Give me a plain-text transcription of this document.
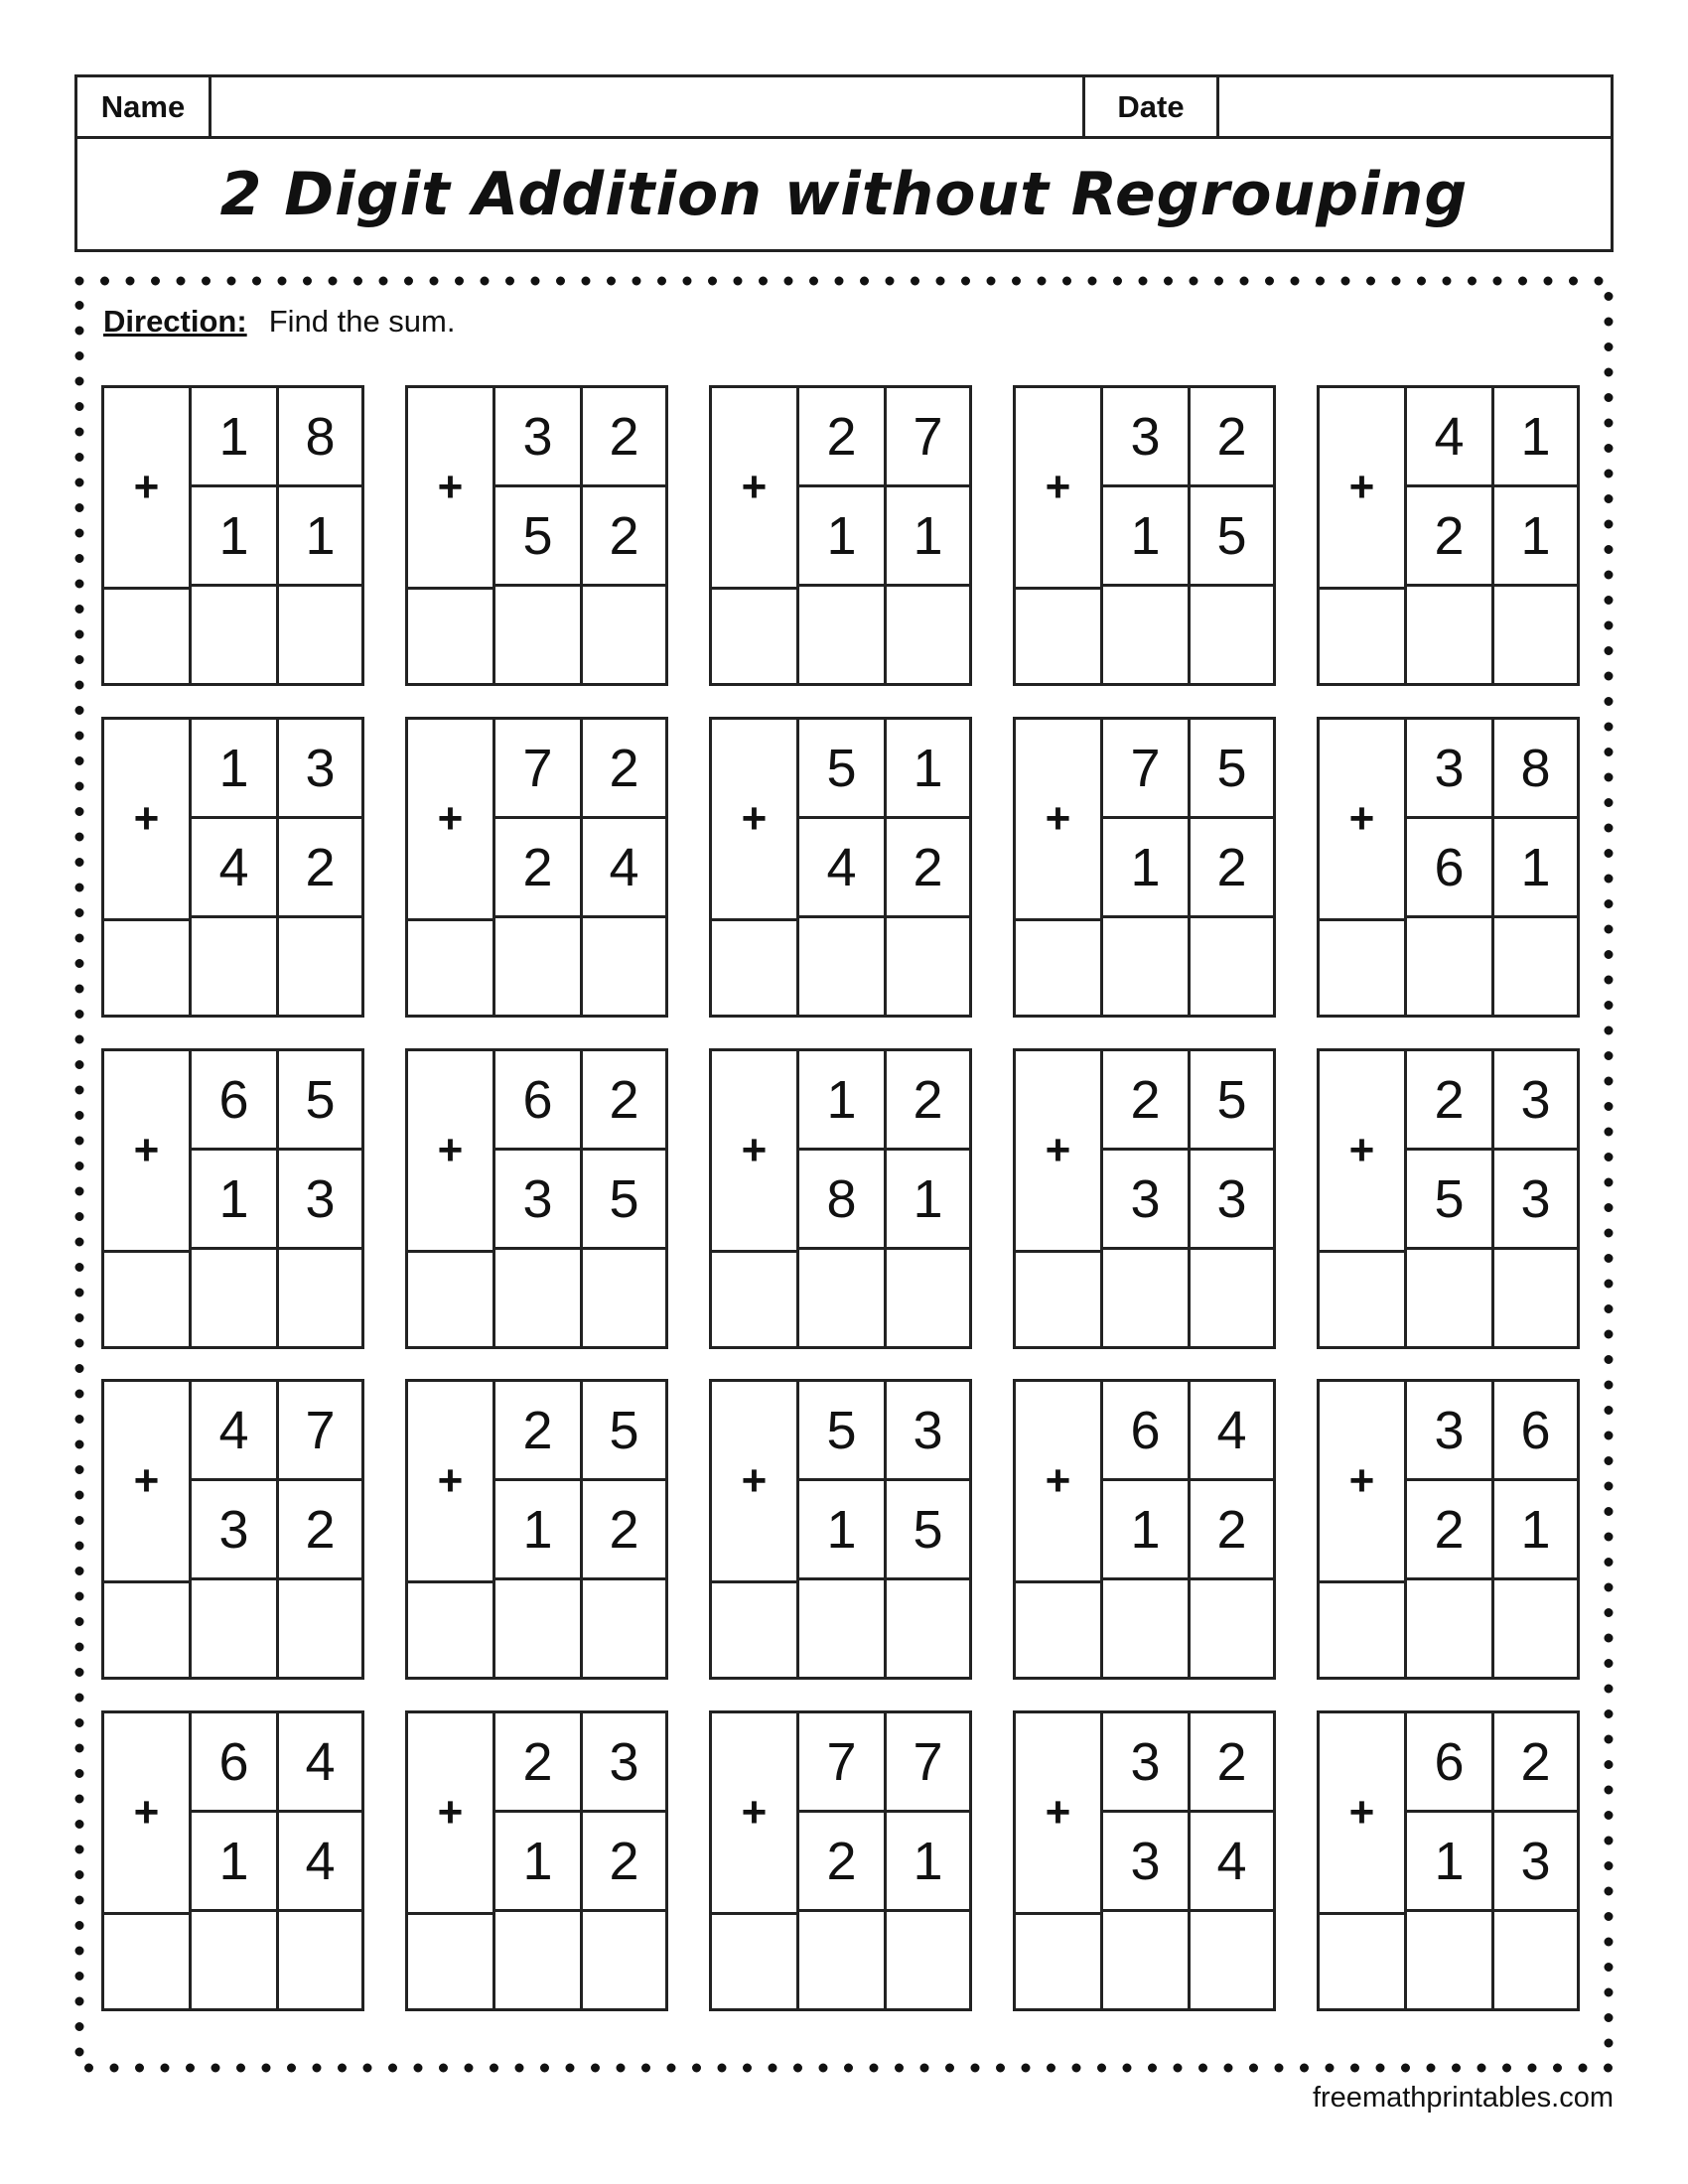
Name	Date
2 Digit Addition without Regrouping
Direction: Find the sum.
+
1	8
1	1
+
3	2
5	2
+
2	7
1	1
+
3	2
1	5
+
4	1
2	1
+
1	3
4	2
+
7	2
2	4
+
5	1
4	2
+
7	5
1	2
+
3	8
6	1
+
6	5
1	3
+
6	2
3	5
+
1	2
8	1
+
2	5
3	3
+
2	3
5	3
+
4	7
3	2
+
2	5
1	2
+
5	3
1	5
+
6	4
1	2
+
3	6
2	1
+
6	4
1	4
+
2	3
1	2
+
7	7
2	1
+
3	2
3	4
+
6	2
1	3
freemathprintables.com
